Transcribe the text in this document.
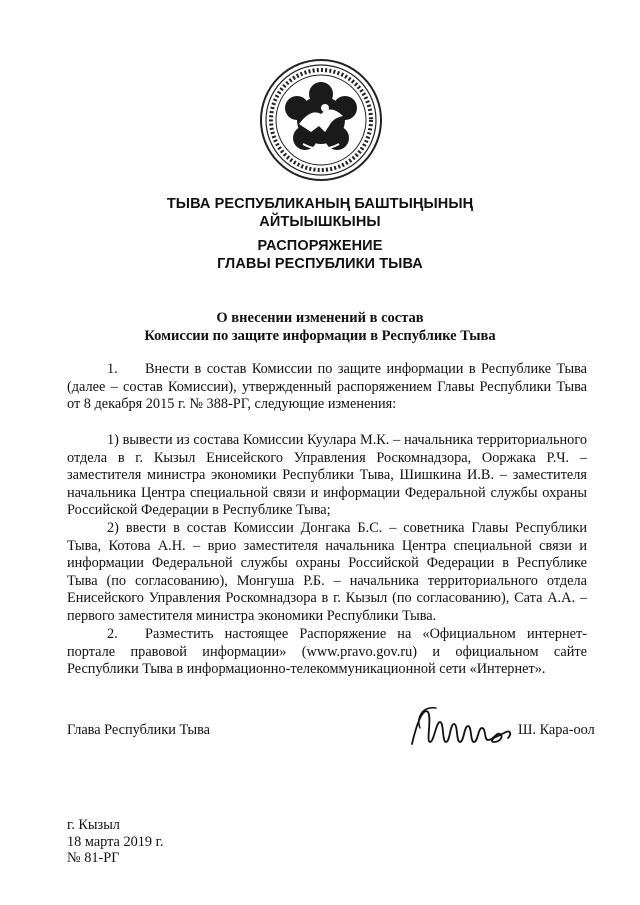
ТЫВА РЕСПУБЛИКАНЫҢ БАШТЫҢЫНЫҢ
АЙТЫЫШКЫНЫ
РАСПОРЯЖЕНИЕ
ГЛАВЫ РЕСПУБЛИКИ ТЫВА
О внесении изменений в состав
Комиссии по защите информации в Республике Тыва

1. Внести в состав Комиссии по защите информации в Республике Тыва (далее – состав Комиссии), утвержденный распоряжением Главы Республики Тыва от 8 декабря 2015 г. № 388-РГ, следующие изменения:

1) вывести из состава Комиссии Куулара М.К. – начальника территориального отдела в г. Кызыл Енисейского Управления Роскомнадзора, Ооржака Р.Ч. – заместителя министра экономики Республики Тыва, Шишкина И.В. – заместителя начальника Центра специальной связи и информации Федеральной службы охраны Российской Федерации в Республике Тыва;

2) ввести в состав Комиссии Донгака Б.С. – советника Главы Республики Тыва, Котова А.Н. – врио заместителя начальника Центра специальной связи и информации Федеральной службы охраны Российской Федерации в Республике Тыва (по согласованию), Монгуша Р.Б. – начальника территориального отдела Енисейского Управления Роскомнадзора в г. Кызыл (по согласованию), Сата А.А. – первого заместителя министра экономики Республики Тыва.

2. Разместить настоящее Распоряжение на «Официальном интернет-портале правовой информации» (www.pravo.gov.ru) и официальном сайте Республики Тыва в информационно-телекоммуникационной сети «Интернет».

Глава Республики Тыва	Ш. Кара-оол
г. Кызыл
18 марта 2019 г.
№ 81-РГ
